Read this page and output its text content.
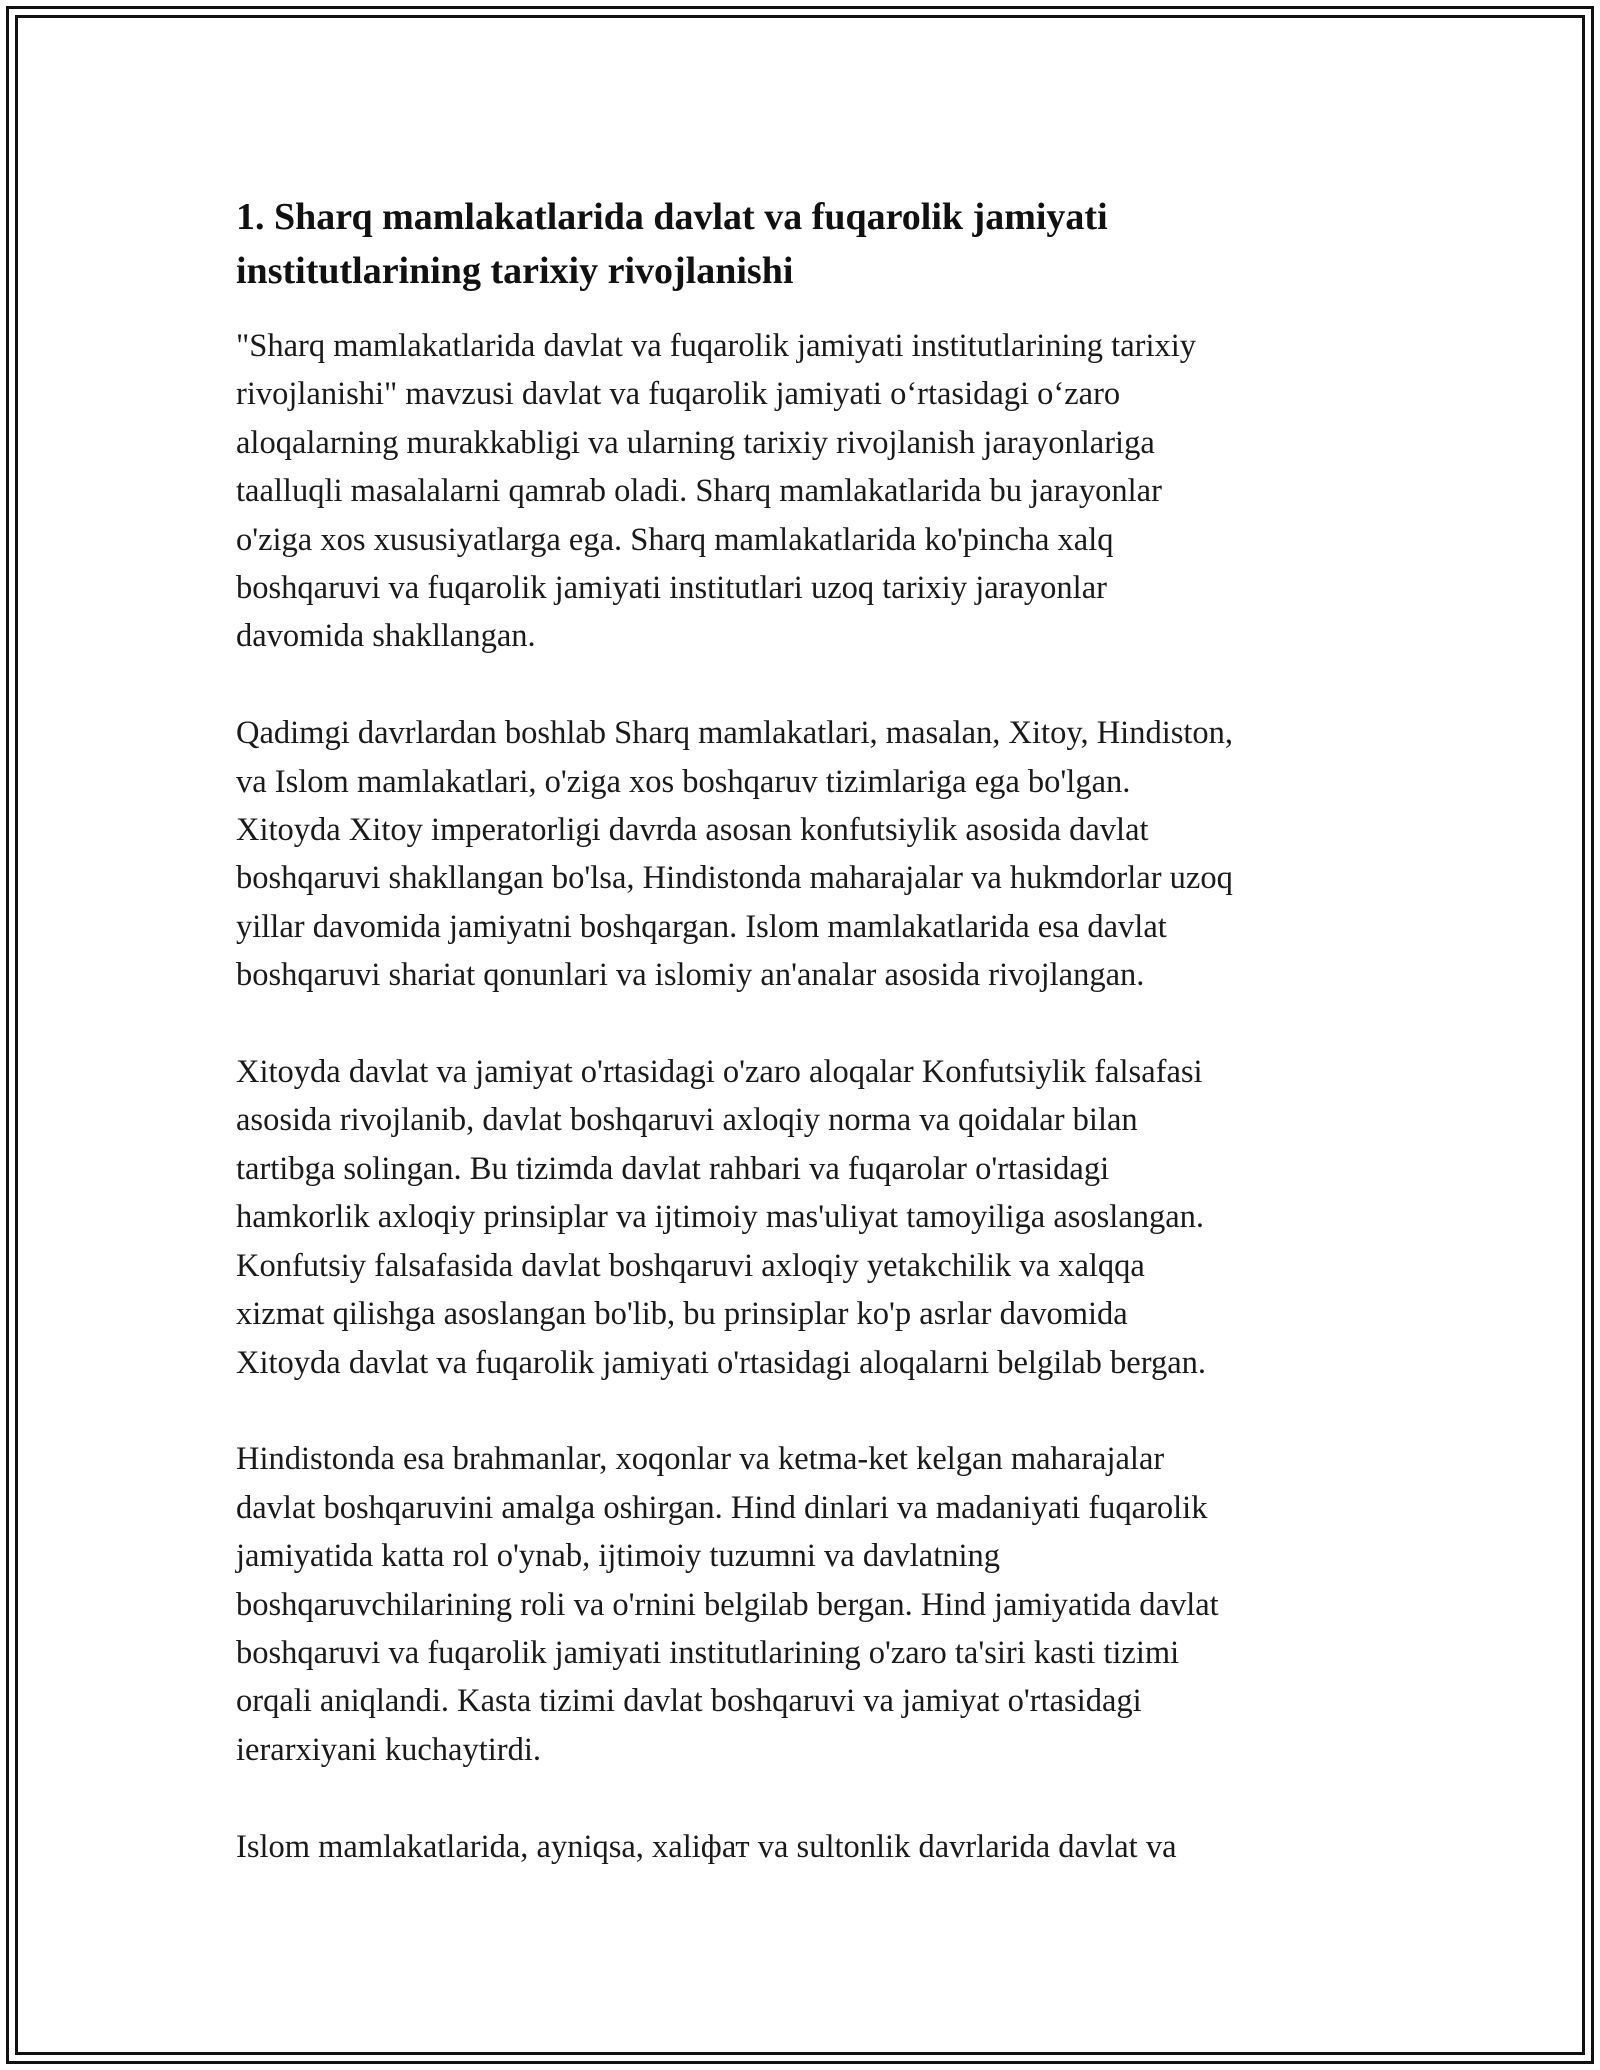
1. Sharq mamlakatlarida davlat va fuqarolik jamiyati
institutlarining tarixiy rivojlanishi

"Sharq mamlakatlarida davlat va fuqarolik jamiyati institutlarining tarixiy
rivojlanishi" mavzusi davlat va fuqarolik jamiyati o‘rtasidagi o‘zaro
aloqalarning murakkabligi va ularning tarixiy rivojlanish jarayonlariga
taalluqli masalalarni qamrab oladi. Sharq mamlakatlarida bu jarayonlar
o'ziga xos xususiyatlarga ega. Sharq mamlakatlarida ko'pincha xalq
boshqaruvi va fuqarolik jamiyati institutlari uzoq tarixiy jarayonlar
davomida shakllangan.

Qadimgi davrlardan boshlab Sharq mamlakatlari, masalan, Xitoy, Hindiston,
va Islom mamlakatlari, o'ziga xos boshqaruv tizimlariga ega bo'lgan.
Xitoyda Xitoy imperatorligi davrda asosan konfutsiylik asosida davlat
boshqaruvi shakllangan bo'lsa, Hindistonda maharajalar va hukmdorlar uzoq
yillar davomida jamiyatni boshqargan. Islom mamlakatlarida esa davlat
boshqaruvi shariat qonunlari va islomiy an'analar asosida rivojlangan.

Xitoyda davlat va jamiyat o'rtasidagi o'zaro aloqalar Konfutsiylik falsafasi
asosida rivojlanib, davlat boshqaruvi axloqiy norma va qoidalar bilan
tartibga solingan. Bu tizimda davlat rahbari va fuqarolar o'rtasidagi
hamkorlik axloqiy prinsiplar va ijtimoiy mas'uliyat tamoyiliga asoslangan.
Konfutsiy falsafasida davlat boshqaruvi axloqiy yetakchilik va xalqqa
xizmat qilishga asoslangan bo'lib, bu prinsiplar ko'p asrlar davomida
Xitoyda davlat va fuqarolik jamiyati o'rtasidagi aloqalarni belgilab bergan.

Hindistonda esa brahmanlar, xoqonlar va ketma-ket kelgan maharajalar
davlat boshqaruvini amalga oshirgan. Hind dinlari va madaniyati fuqarolik
jamiyatida katta rol o'ynab, ijtimoiy tuzumni va davlatning
boshqaruvchilarining roli va o'rnini belgilab bergan. Hind jamiyatida davlat
boshqaruvi va fuqarolik jamiyati institutlarining o'zaro ta'siri kasti tizimi
orqali aniqlandi. Kasta tizimi davlat boshqaruvi va jamiyat o'rtasidagi
ierarxiyani kuchaytirdi.

Islom mamlakatlarida, ayniqsa, xaliфат va sultonlik davrlarida davlat va
